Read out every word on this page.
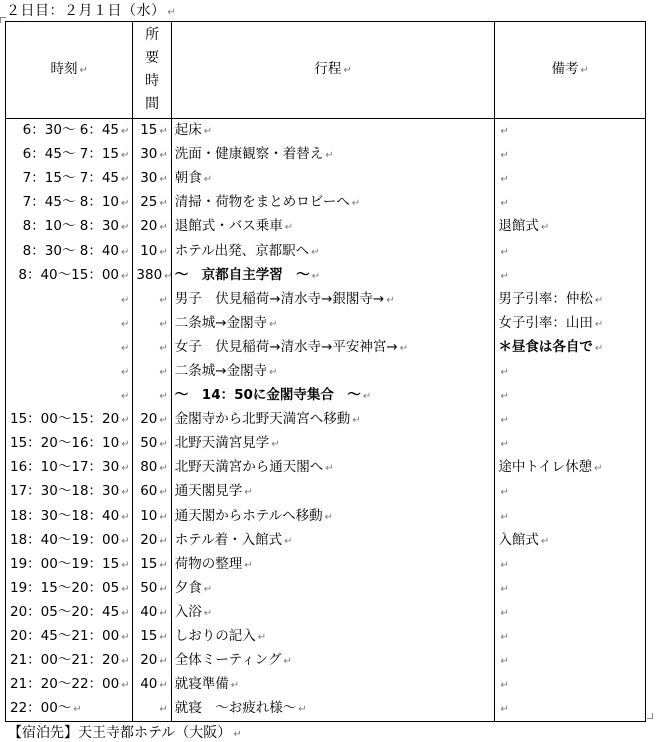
２日目：２月１日（水） ↵
時刻 ↵	所
要
時
間	行程 ↵	備考 ↵
6：30～ 6：45 ↵	15 ↵	起床 ↵	↵
6：45～ 7：15 ↵	30 ↵	洗面・健康観察・着替え ↵	↵
7：15～ 7：45 ↵	30 ↵	朝食 ↵	↵
7：45～ 8：10 ↵	25 ↵	清掃・荷物をまとめロビーへ ↵	↵
8：10～ 8：30 ↵	20 ↵	退館式・バス乗車 ↵	退館式 ↵
8：30～ 8：40 ↵	10 ↵	ホテル出発、京都駅へ ↵	↵
8：40～15：00 ↵	380 ↵	～　京都自主学習　～ ↵	↵
↵	↵	男子　伏見稲荷→清水寺→銀閣寺→ ↵	男子引率：仲松 ↵
↵	↵	二条城→金閣寺 ↵	女子引率：山田 ↵
↵	↵	女子　伏見稲荷→清水寺→平安神宮→ ↵	＊昼食は各自で ↵
↵	↵	二条城→金閣寺 ↵	↵
↵	↵	～　14：50に金閣寺集合　～ ↵	↵
15：00～15：20 ↵	20 ↵	金閣寺から北野天満宮へ移動 ↵	↵
15：20～16：10 ↵	50 ↵	北野天満宮見学 ↵	↵
16：10～17：30 ↵	80 ↵	北野天満宮から通天閣へ ↵	途中トイレ休憩 ↵
17：30～18：30 ↵	60 ↵	通天閣見学 ↵	↵
18：30～18：40 ↵	10 ↵	通天閣からホテルへ移動 ↵	↵
18：40～19：00 ↵	20 ↵	ホテル着・入館式 ↵	入館式 ↵
19：00～19：15 ↵	15 ↵	荷物の整理 ↵	↵
19：15～20：05 ↵	50 ↵	夕食 ↵	↵
20：05～20：45 ↵	40 ↵	入浴 ↵	↵
20：45～21：00 ↵	15 ↵	しおりの記入 ↵	↵
21：00～21：20 ↵	20 ↵	全体ミーティング ↵	↵
21：20～22：00 ↵	40 ↵	就寝準備 ↵	↵
22：00～ ↵	↵	就寝　～お疲れ様～ ↵	↵
【宿泊先】天王寺都ホテル（大阪） ↵
